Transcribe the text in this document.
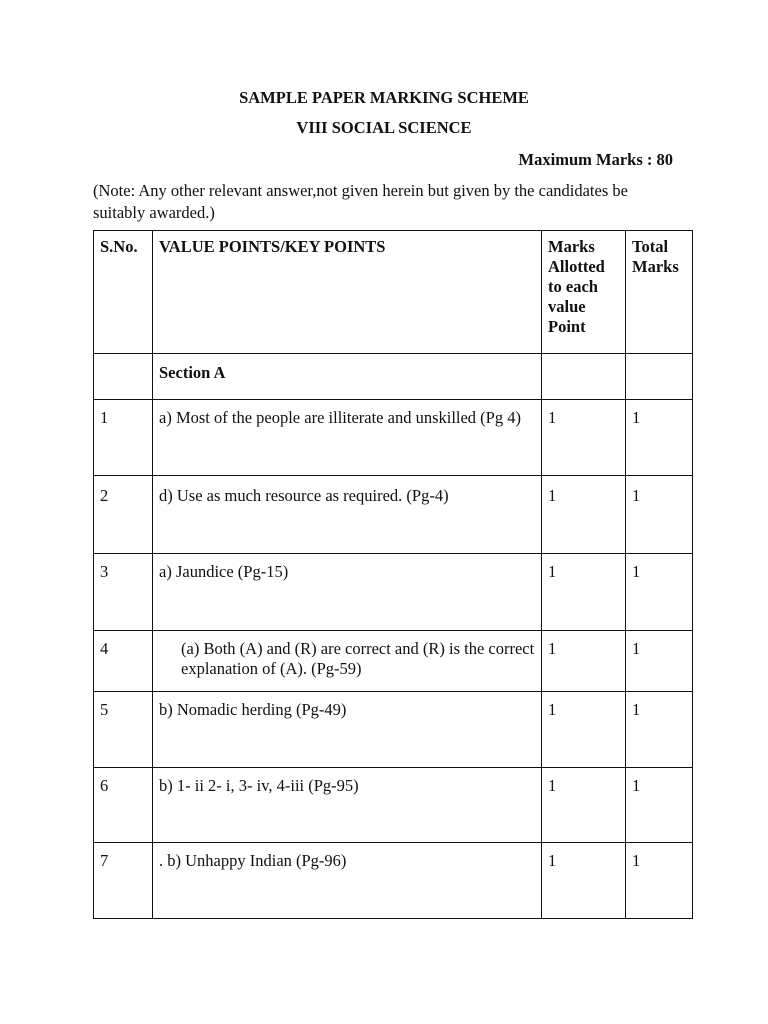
SAMPLE PAPER MARKING SCHEME
VIII SOCIAL SCIENCE
Maximum Marks : 80
(Note: Any other relevant answer,not given herein but given by the candidates be suitably awarded.)
S.No.	VALUE POINTS/KEY POINTS	Marks Allotted to each value Point	Total Marks
	Section A		
1	a) Most of the people are illiterate and unskilled (Pg 4)	1	1
2	d) Use as much resource as required. (Pg-4)	1	1
3	a) Jaundice (Pg-15)	1	1
4	(a) Both (A) and (R) are correct and (R) is the correct explanation of (A). (Pg-59)	1	1
5	b) Nomadic herding (Pg-49)	1	1
6	b) 1- ii 2- i, 3- iv, 4-iii (Pg-95)	1	1
7	. b) Unhappy Indian (Pg-96)	1	1
